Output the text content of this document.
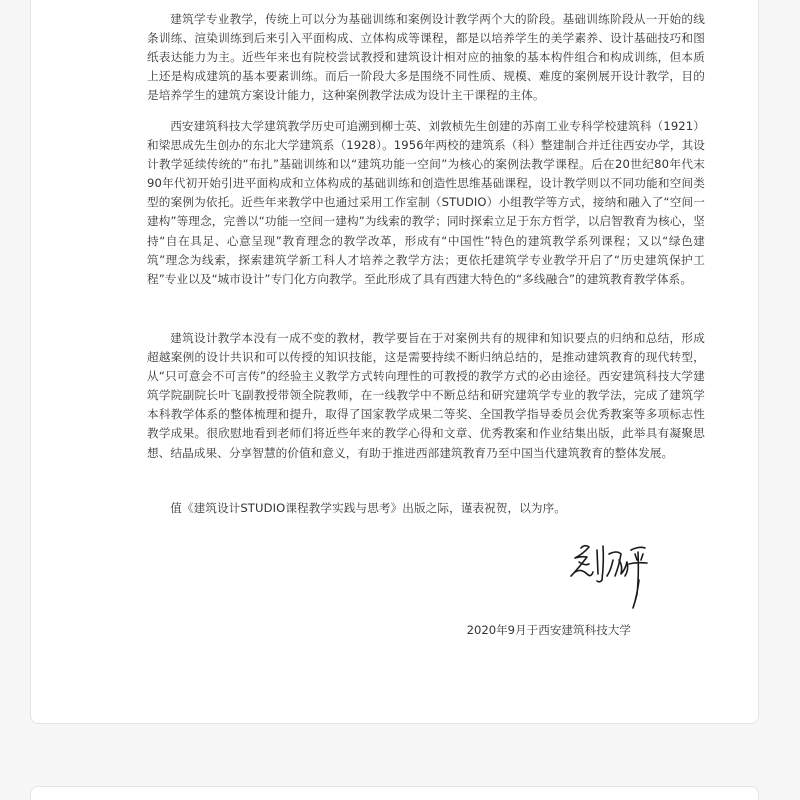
建筑学专业教学，传统上可以分为基础训练和案例设计教学两个大的阶段。基础训练阶段从一开始的线条训练、渲染训练到后来引入平面构成、立体构成等课程，都是以培养学生的美学素养、设计基础技巧和图纸表达能力为主。近些年来也有院校尝试教授和建筑设计相对应的抽象的基本构件组合和构成训练，但本质上还是构成建筑的基本要素训练。而后一阶段大多是围绕不同性质、规模、难度的案例展开设计教学，目的是培养学生的建筑方案设计能力，这种案例教学法成为设计主干课程的主体。

西安建筑科技大学建筑教学历史可追溯到柳士英、刘敦桢先生创建的苏南工业专科学校建筑科（1921）和梁思成先生创办的东北大学建筑系（1928）。1956年两校的建筑系（科）整建制合并迁往西安办学，其设计教学延续传统的“布扎”基础训练和以“建筑功能一空间”为核心的案例法教学课程。后在20世纪80年代末90年代初开始引进平面构成和立体构成的基础训练和创造性思维基础课程，设计教学则以不同功能和空间类型的案例为依托。近些年来教学中也通过采用工作室制（STUDIO）小组教学等方式，接纳和融入了“空间一建构”等理念，完善以“功能一空间一建构”为线索的教学；同时探索立足于东方哲学，以启智教育为核心，坚持“自在具足、心意呈现”教育理念的教学改革，形成有“中国性”特色的建筑教学系列课程；又以“绿色建筑”理念为线索，探索建筑学新工科人才培养之教学方法；更依托建筑学专业教学开启了“历史建筑保护工程”专业以及“城市设计”专门化方向教学。至此形成了具有西建大特色的“多线融合”的建筑教育教学体系。

建筑设计教学本没有一成不变的教材，教学要旨在于对案例共有的规律和知识要点的归纳和总结，形成超越案例的设计共识和可以传授的知识技能，这是需要持续不断归纳总结的，是推动建筑教育的现代转型，从“只可意会不可言传”的经验主义教学方式转向理性的可教授的教学方式的必由途径。西安建筑科技大学建筑学院副院长叶飞副教授带领全院教师，在一线教学中不断总结和研究建筑学专业的教学法，完成了建筑学本科教学体系的整体梳理和提升，取得了国家教学成果二等奖、全国教学指导委员会优秀教案等多项标志性教学成果。很欣慰地看到老师们将近些年来的教学心得和文章、优秀教案和作业结集出版，此举具有凝聚思想、结晶成果、分享智慧的价值和意义，有助于推进西部建筑教育乃至中国当代建筑教育的整体发展。

值《建筑设计STUDIO课程教学实践与思考》出版之际，谨表祝贺，以为序。

2020年9月于西安建筑科技大学
